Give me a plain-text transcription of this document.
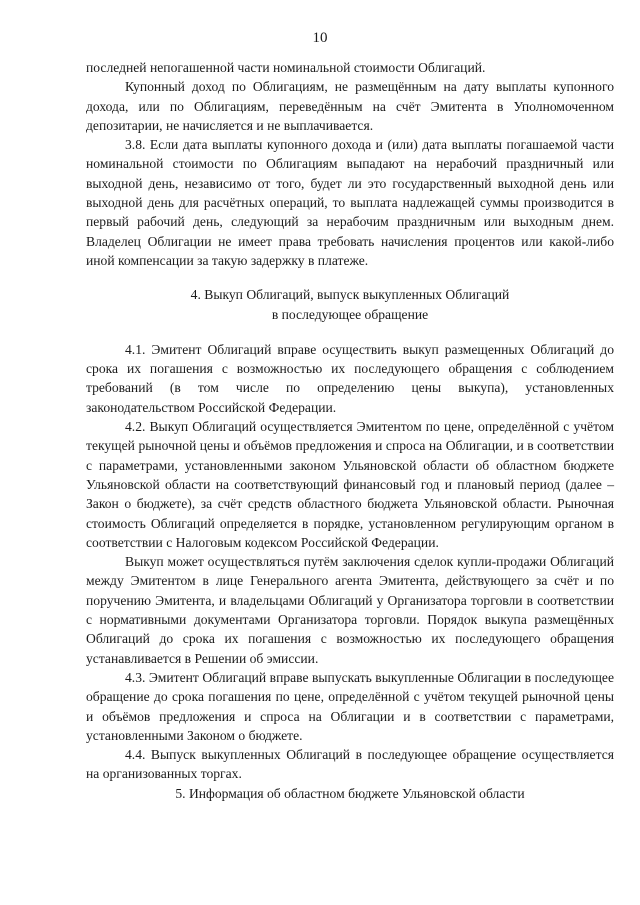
10

последней непогашенной части номинальной стоимости Облигаций.

Купонный доход по Облигациям, не размещённым на дату выплаты купонного дохода, или по Облигациям, переведённым на счёт Эмитента в Уполномоченном депозитарии, не начисляется и не выплачивается.

3.8. Если дата выплаты купонного дохода и (или) дата выплаты погашаемой части номинальной стоимости по Облигациям выпадают на нерабочий праздничный или выходной день, независимо от того, будет ли это государственный выходной день или выходной день для расчётных операций, то выплата надлежащей суммы производится в первый рабочий день, следующий за нерабочим праздничным или выходным днем. Владелец Облигации не имеет права требовать начисления процентов или какой-либо иной компенсации за такую задержку в платеже.

4. Выкуп Облигаций, выпуск выкупленных Облигаций
в последующее обращение

4.1. Эмитент Облигаций вправе осуществить выкуп размещенных Облигаций до срока их погашения с возможностью их последующего обращения с соблюдением требований (в том числе по определению цены выкупа), установленных законодательством Российской Федерации.

4.2. Выкуп Облигаций осуществляется Эмитентом по цене, определённой с учётом текущей рыночной цены и объёмов предложения и спроса на Облигации, и в соответствии с параметрами, установленными законом Ульяновской области об областном бюджете Ульяновской области на соответствующий финансовый год и плановый период (далее – Закон о бюджете), за счёт средств областного бюджета Ульяновской области. Рыночная стоимость Облигаций определяется в порядке, установленном регулирующим органом в соответствии с Налоговым кодексом Российской Федерации.

Выкуп может осуществляться путём заключения сделок купли-продажи Облигаций между Эмитентом в лице Генерального агента Эмитента, действующего за счёт и по поручению Эмитента, и владельцами Облигаций у Организатора торговли в соответствии с нормативными документами Организатора торговли. Порядок выкупа размещённых Облигаций до срока их погашения с возможностью их последующего обращения устанавливается в Решении об эмиссии.

4.3. Эмитент Облигаций вправе выпускать выкупленные Облигации в последующее обращение до срока погашения по цене, определённой с учётом текущей рыночной цены и объёмов предложения и спроса на Облигации и в соответствии с параметрами, установленными Законом о бюджете.

4.4. Выпуск выкупленных Облигаций в последующее обращение осуществляется на организованных торгах.

5. Информация об областном бюджете Ульяновской области
